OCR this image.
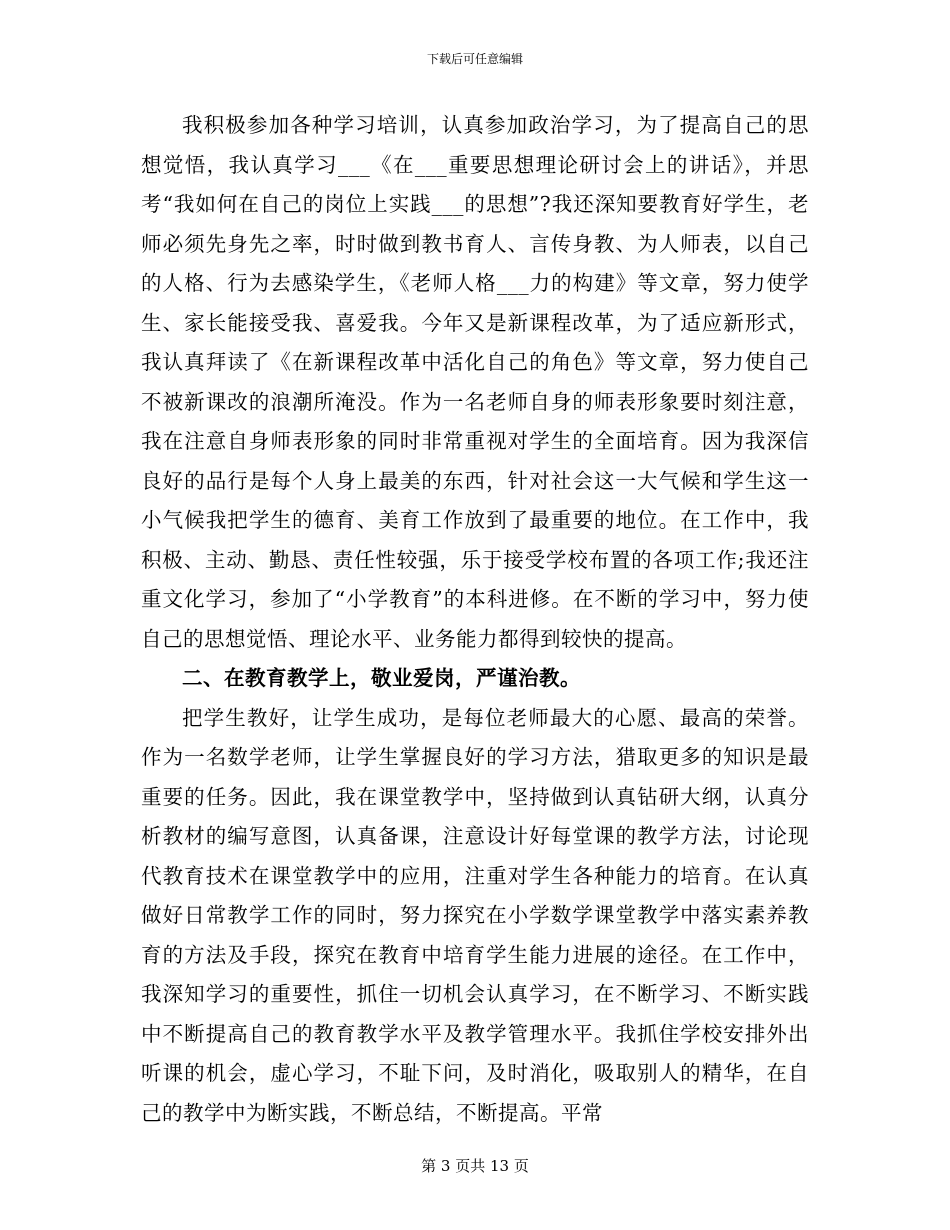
下载后可任意编辑

我积极参加各种学习培训，认真参加政治学习，为了提高自己的思想觉悟，我认真学习___《在___重要思想理论研讨会上的讲话》，并思考“我如何在自己的岗位上实践___的思想”?我还深知要教育好学生，老师必须先身先之率，时时做到教书育人、言传身教、为人师表，以自己的人格、行为去感染学生，《老师人格___力的构建》等文章，努力使学生、家长能接受我、喜爱我。今年又是新课程改革，为了适应新形式，我认真拜读了《在新课程改革中活化自己的角色》等文章，努力使自己不被新课改的浪潮所淹没。作为一名老师自身的师表形象要时刻注意，我在注意自身师表形象的同时非常重视对学生的全面培育。因为我深信良好的品行是每个人身上最美的东西，针对社会这一大气候和学生这一小气候我把学生的德育、美育工作放到了最重要的地位。在工作中，我积极、主动、勤恳、责任性较强，乐于接受学校布置的各项工作;我还注重文化学习，参加了“小学教育”的本科进修。在不断的学习中，努力使自己的思想觉悟、理论水平、业务能力都得到较快的提高。

二、在教育教学上，敬业爱岗，严谨治教。

把学生教好，让学生成功，是每位老师最大的心愿、最高的荣誉。作为一名数学老师，让学生掌握良好的学习方法，猎取更多的知识是最重要的任务。因此，我在课堂教学中，坚持做到认真钻研大纲，认真分析教材的编写意图，认真备课，注意设计好每堂课的教学方法，讨论现代教育技术在课堂教学中的应用，注重对学生各种能力的培育。在认真做好日常教学工作的同时，努力探究在小学数学课堂教学中落实素养教育的方法及手段，探究在教育中培育学生能力进展的途径。在工作中，我深知学习的重要性，抓住一切机会认真学习，在不断学习、不断实践中不断提高自己的教育教学水平及教学管理水平。我抓住学校安排外出听课的机会，虚心学习，不耻下问，及时消化，吸取别人的精华，在自己的教学中为断实践，不断总结，不断提高。平常

第 3 页共 13 页
